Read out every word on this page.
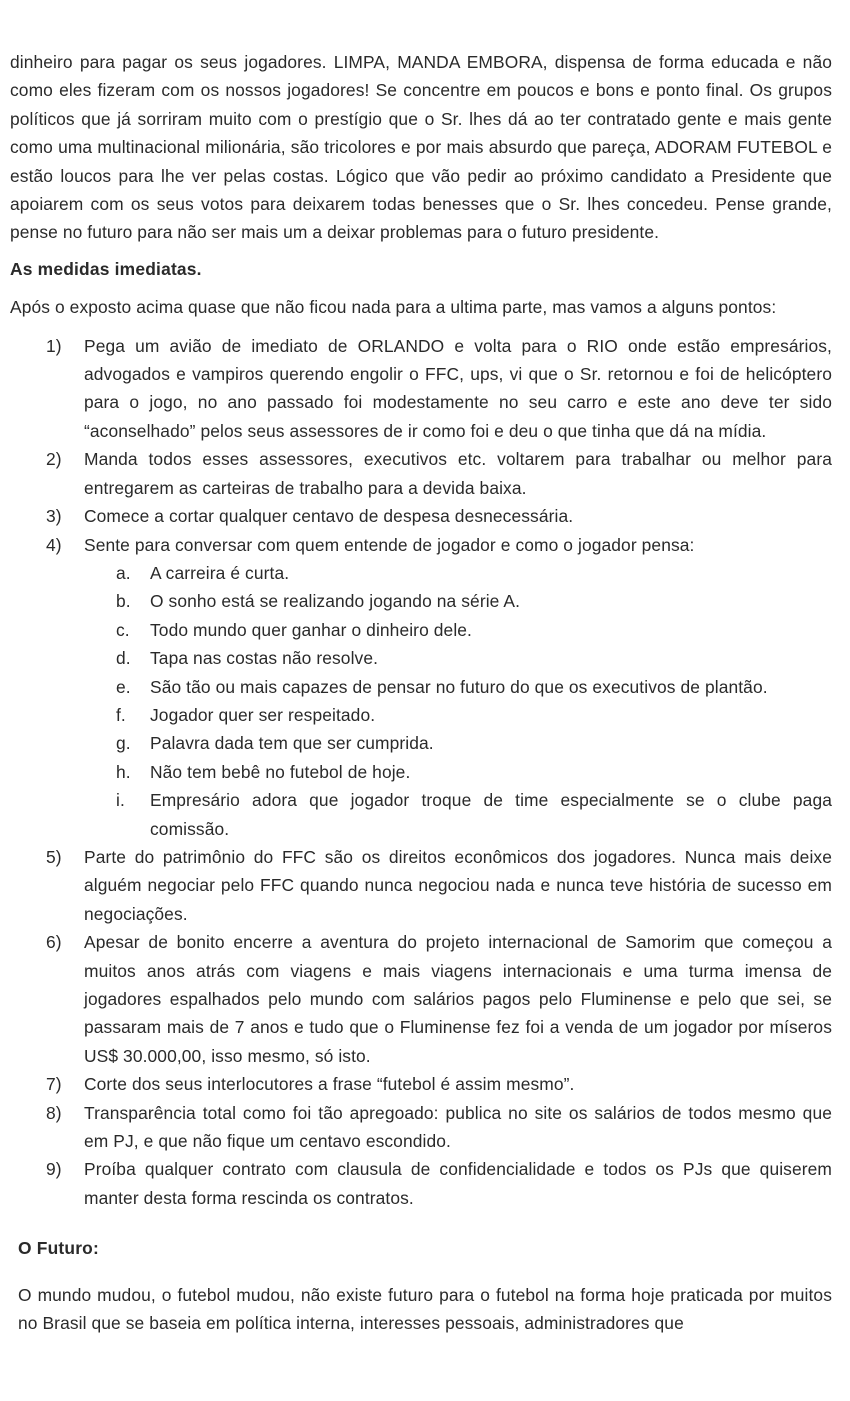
dinheiro para pagar os seus jogadores. LIMPA, MANDA EMBORA, dispensa de forma educada e não como eles fizeram com os nossos jogadores! Se concentre em poucos e bons e ponto final. Os grupos políticos que já sorriram muito com o prestígio que o Sr. lhes dá ao ter contratado gente e mais gente como uma multinacional milionária, são tricolores e por mais absurdo que pareça, ADORAM FUTEBOL e estão loucos para lhe ver pelas costas. Lógico que vão pedir ao próximo candidato a Presidente que apoiarem com os seus votos para deixarem todas benesses que o Sr. lhes concedeu. Pense grande, pense no futuro para não ser mais um a deixar problemas para o futuro presidente.

As medidas imediatas.

Após o exposto acima quase que não ficou nada para a ultima parte, mas vamos a alguns pontos:

1) Pega um avião de imediato de ORLANDO e volta para o RIO onde estão empresários, advogados e vampiros querendo engolir o FFC, ups, vi que o Sr. retornou e foi de helicóptero para o jogo, no ano passado foi modestamente no seu carro e este ano deve ter sido “aconselhado” pelos seus assessores de ir como foi e deu o que tinha que dá na mídia.
2) Manda todos esses assessores, executivos etc. voltarem para trabalhar ou melhor para entregarem as carteiras de trabalho para a devida baixa.
3) Comece a cortar qualquer centavo de despesa desnecessária.
4) Sente para conversar com quem entende de jogador e como o jogador pensa:
a. A carreira é curta.
b. O sonho está se realizando jogando na série A.
c. Todo mundo quer ganhar o dinheiro dele.
d. Tapa nas costas não resolve.
e. São tão ou mais capazes de pensar no futuro do que os executivos de plantão.
f. Jogador quer ser respeitado.
g. Palavra dada tem que ser cumprida.
h. Não tem bebê no futebol de hoje.
i. Empresário adora que jogador troque de time especialmente se o clube paga comissão.
5) Parte do patrimônio do FFC são os direitos econômicos dos jogadores. Nunca mais deixe alguém negociar pelo FFC quando nunca negociou nada e nunca teve história de sucesso em negociações.
6) Apesar de bonito encerre a aventura do projeto internacional de Samorim que começou a muitos anos atrás com viagens e mais viagens internacionais e uma turma imensa de jogadores espalhados pelo mundo com salários pagos pelo Fluminense e pelo que sei, se passaram mais de 7 anos e tudo que o Fluminense fez foi a venda de um jogador por míseros US$ 30.000,00, isso mesmo, só isto.
7) Corte dos seus interlocutores a frase “futebol é assim mesmo”.
8) Transparência total como foi tão apregoado: publica no site os salários de todos mesmo que em PJ, e que não fique um centavo escondido.
9) Proíba qualquer contrato com clausula de confidencialidade e todos os PJs que quiserem manter desta forma rescinda os contratos.

O Futuro:

O mundo mudou, o futebol mudou, não existe futuro para o futebol na forma hoje praticada por muitos no Brasil que se baseia em política interna, interesses pessoais, administradores que
